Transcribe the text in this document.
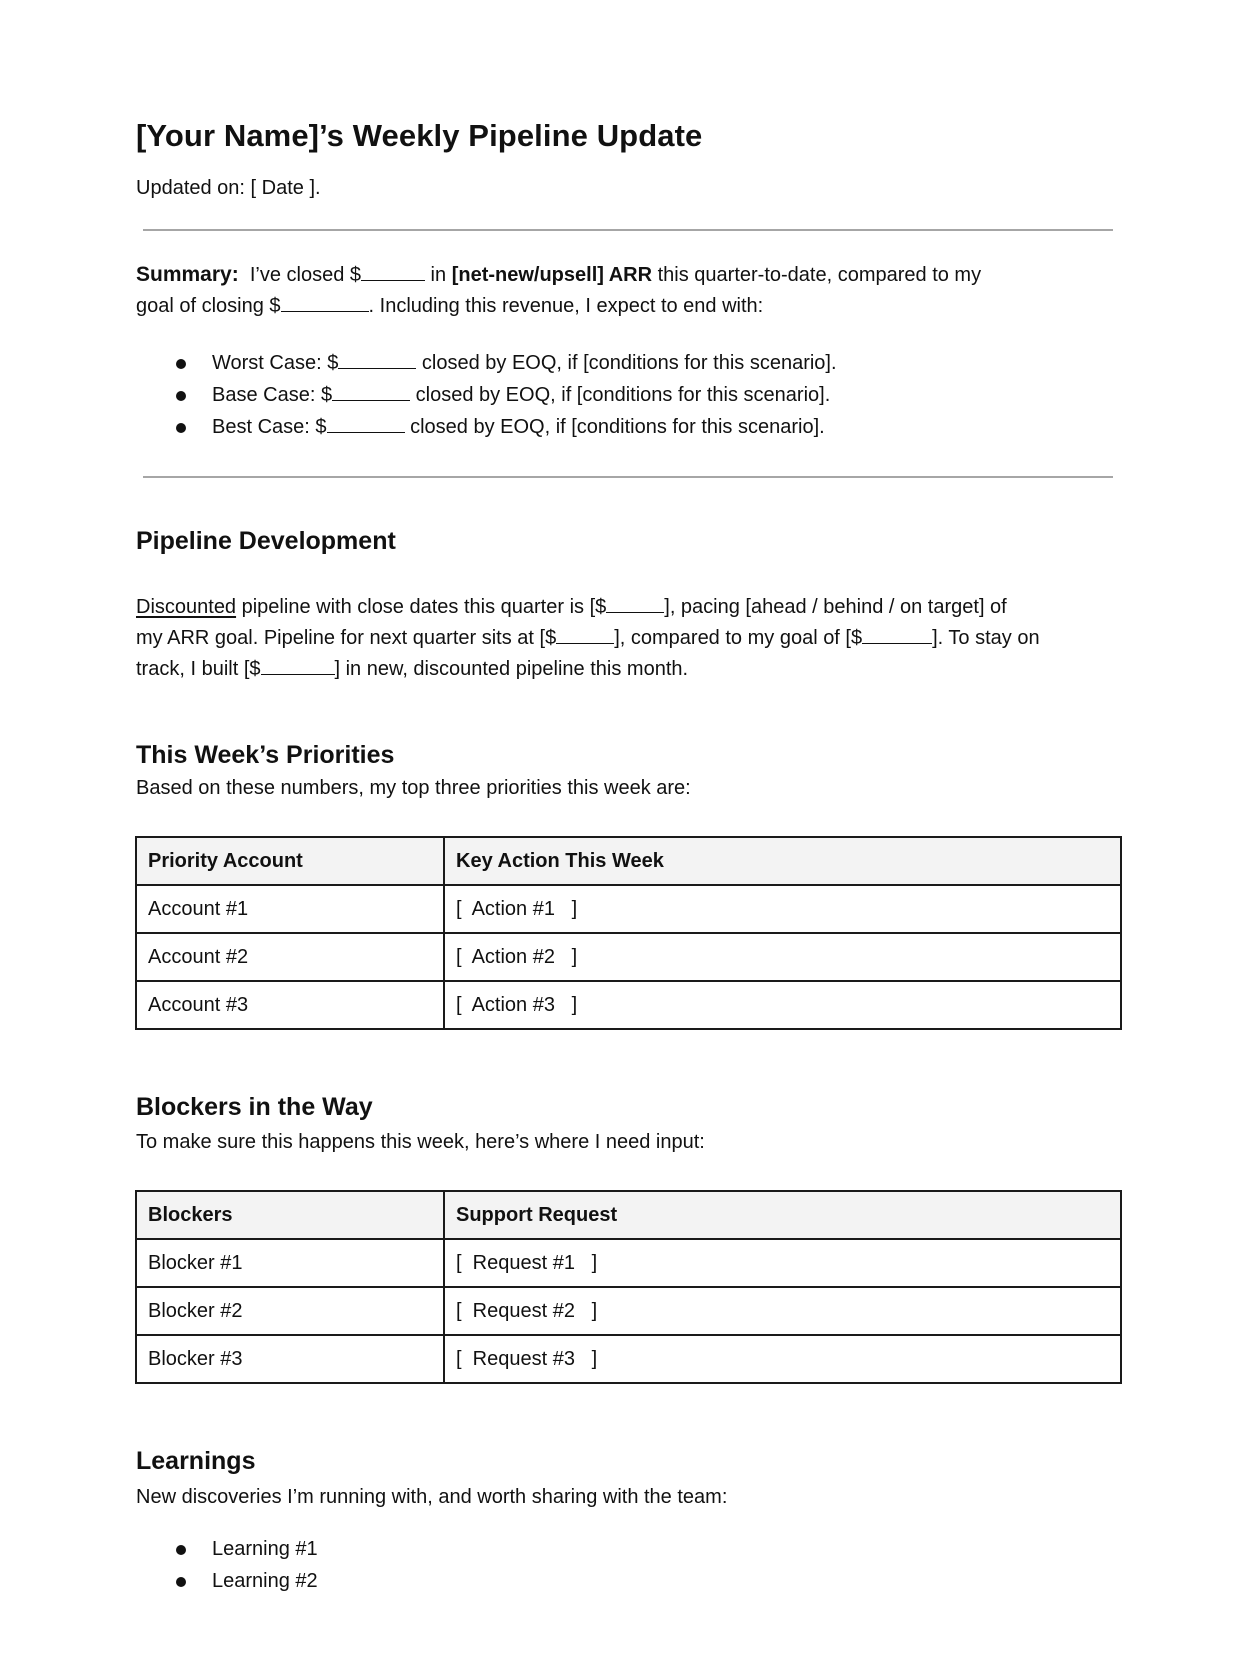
[Your Name]’s Weekly Pipeline Update
Updated on: [ Date ].
Summary: I’ve closed $	in [net-new/upsell] ARR this quarter-to-date, compared to my
goal of closing $	. Including this revenue, I expect to end with:
Worst Case: $	closed by EOQ, if [conditions for this scenario].
Base Case: $	closed by EOQ, if [conditions for this scenario].
Best Case: $	closed by EOQ, if [conditions for this scenario].
Pipeline Development
Discounted pipeline with close dates this quarter is [$	], pacing [ahead / behind / on target] of
my ARR goal. Pipeline for next quarter sits at [$	], compared to my goal of [$	]. To stay on
track, I built [$	] in new, discounted pipeline this month.
This Week’s Priorities
Based on these numbers, my top three priorities this week are:
Priority Account	Key Action This Week
Account #1	[  Action #1   ]
Account #2	[  Action #2   ]
Account #3	[  Action #3   ]
Blockers in the Way
To make sure this happens this week, here’s where I need input:
Blockers	Support Request
Blocker #1	[  Request #1   ]
Blocker #2	[  Request #2   ]
Blocker #3	[  Request #3   ]
Learnings
New discoveries I’m running with, and worth sharing with the team:
Learning #1
Learning #2
